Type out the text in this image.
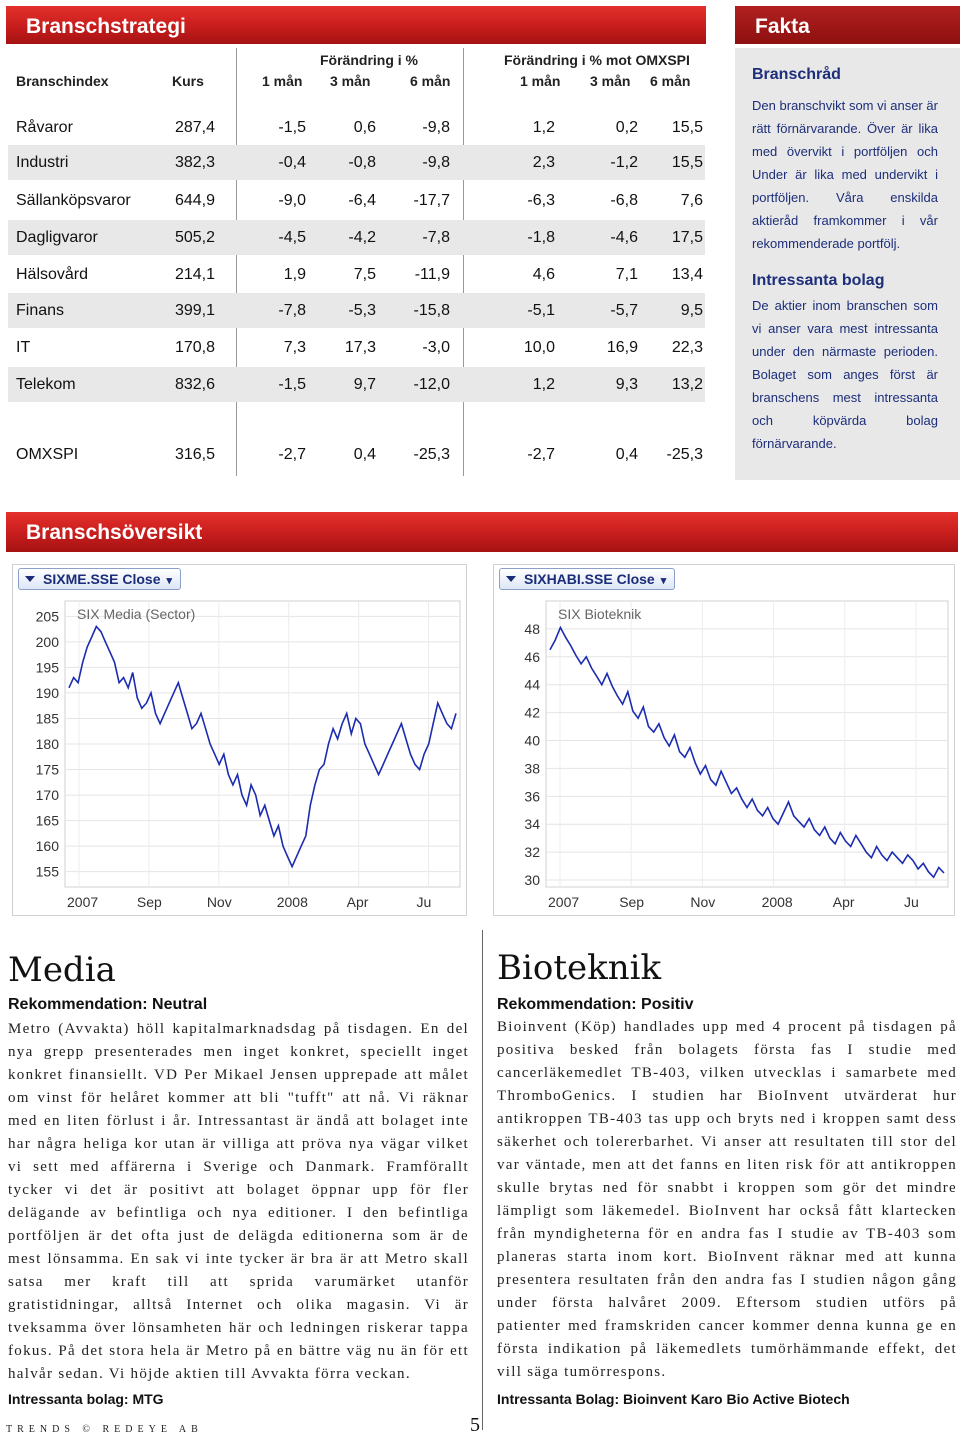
Branschstrategi
Förändring i %	Förändring i % mot OMXSPI
Branschindex	Kurs	1 mån 3 mån	6 mån	1 mån 3 mån 6 mån
Råvaror	287,4	-1,5	0,6	-9,8	1,2	0,2	15,5
Industri	382,3	-0,4	-0,8	-9,8	2,3	-1,2	15,5
Sällanköpsvaror	644,9	-9,0	-6,4	-17,7	-6,3	-6,8	7,6
Dagligvaror	505,2	-4,5	-4,2	-7,8	-1,8	-4,6	17,5
Hälsovård	214,1	1,9	7,5	-11,9	4,6	7,1	13,4
Finans	399,1	-7,8	-5,3	-15,8	-5,1	-5,7	9,5
IT	170,8	7,3	17,3	-3,0	10,0	16,9	22,3
Telekom	832,6	-1,5	9,7	-12,0	1,2	9,3	13,2
OMXSPI	316,5	-2,7	0,4	-25,3	-2,7	0,4	-25,3
Fakta
Branschråd
Den branschvikt som vi anser är rätt förnärvarande. Över är lika med övervikt i portföljen och Under är lika med undervikt i portföljen. Våra enskilda aktieråd framkommer i vår rekommenderade portfölj.
Intressanta bolag
De aktier inom branschen som vi anser vara mest intressanta under den närmaste perioden. Bolaget som anges först är branschens mest intressanta och köpvärda bolag förnärvarande.
Branschsöversikt
SIXME.SSE Close ▾
155
160
165
170
175
180
185
190
195
200
205
2007	Sep	Nov	2008	Apr	Ju
SIX Media (Sector)
SIXHABI.SSE Close ▾
30
32
34
36
38
40
42
44
46
48
2007	Sep	Nov	2008	Apr	Ju
SIX Bioteknik
Media
Rekommendation: Neutral
Metro (Avvakta) höll kapitalmarknadsdag på tisdagen. En del nya grepp presenterades men inget konkret, speciellt inget konkret finansiellt. VD Per Mikael Jensen upprepade att målet om vinst för helåret kommer att bli "tufft" att nå. Vi räknar med en liten förlust i år. Intressantast är ändå att bolaget inte har några heliga kor utan är villiga att pröva nya vägar vilket vi sett med affärerna i Sverige och Danmark. Framförallt tycker vi det är positivt att bolaget öppnar upp för fler delägande av befintliga och nya editioner. I den befintliga portföljen är det ofta just de delägda editionerna som är de mest lönsamma. En sak vi inte tycker är bra är att Metro skall satsa mer kraft till att sprida varumärket utanför gratistidningar, alltså Internet och olika magasin. Vi är tveksamma över lönsamheten här och ledningen riskerar tappa fokus. På det stora hela är Metro på en bättre väg nu än för ett halvår sedan. Vi höjde aktien till Avvakta förra veckan.
Intressanta bolag: MTG
Bioteknik
Rekommendation: Positiv
Bioinvent (Köp) handlades upp med 4 procent på tisdagen på positiva besked från bolagets första fas I studie med cancerläkemedlet TB-403, vilken utvecklas i samarbete med ThromboGenics. I studien har BioInvent utvärderat hur antikroppen TB-403 tas upp och bryts ned i kroppen samt dess säkerhet och tolererbarhet. Vi anser att resultaten till stor del var väntade, men att det fanns en liten risk för att antikroppen skulle brytas ned för snabbt i kroppen som gör det mindre lämpligt som läkemedel. BioInvent har också fått klartecken från myndigheterna för en andra fas I studie av TB-403 som planeras starta inom kort. BioInvent räknar med att kunna presentera resultaten från den andra fas I studien någon gång under första halvåret 2009. Eftersom studien utförs på patienter med framskriden cancer kommer denna kunna ge en första indikation på läkemedlets tumörhämmande effekt, det vill säga tumörrespons.
Intressanta Bolag: Bioinvent Karo Bio Active Biotech
TRENDS © REDEYE AB	5
